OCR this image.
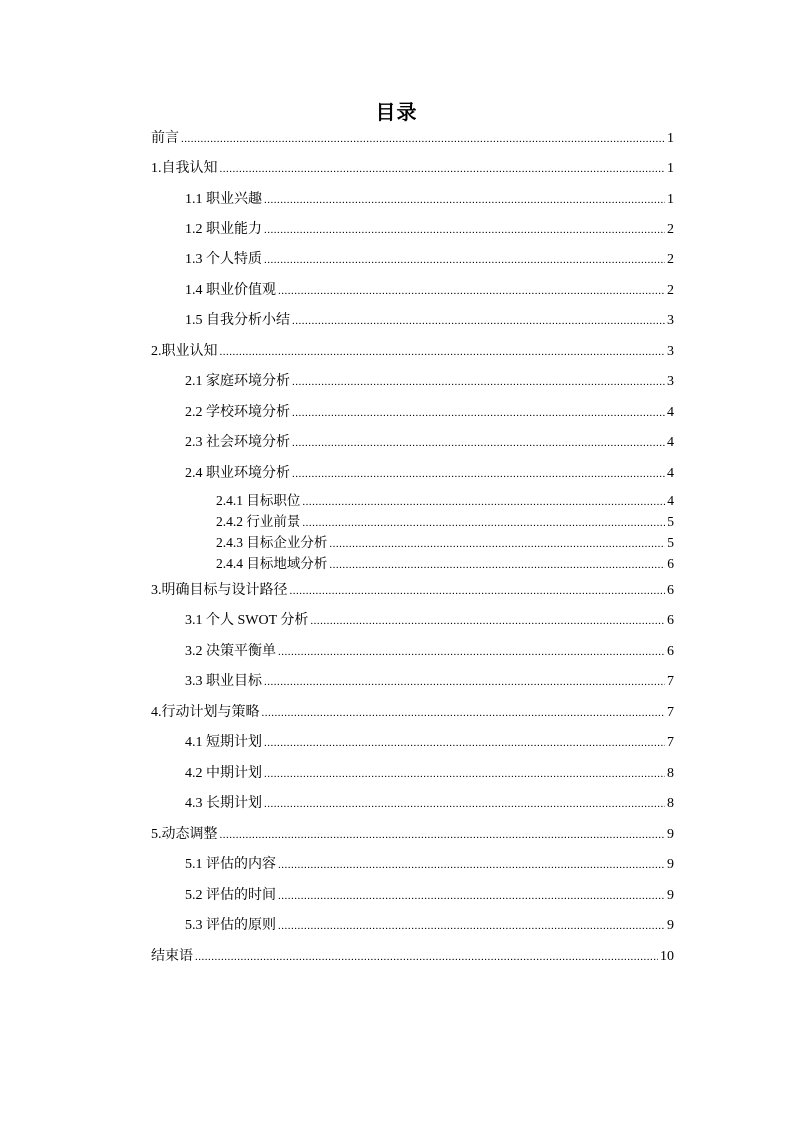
目录
前言 .....	1
1.自我认知 .....	1
1.1 职业兴趣 .....	1
1.2 职业能力 .....	2
1.3 个人特质 .....	2
1.4 职业价值观 .....	2
1.5 自我分析小结 .....	3
2.职业认知 .....	3
2.1 家庭环境分析 .....	3
2.2 学校环境分析 .....	4
2.3 社会环境分析 .....	4
2.4 职业环境分析 .....	4
2.4.1 目标职位 .....	4
2.4.2 行业前景 .....	5
2.4.3 目标企业分析 .....	5
2.4.4 目标地域分析 .....	6
3.明确目标与设计路径 .....	6
3.1 个人 SWOT 分析 .....	6
3.2 决策平衡单 .....	6
3.3 职业目标 .....	7
4.行动计划与策略 .....	7
4.1 短期计划 .....	7
4.2 中期计划 .....	8
4.3 长期计划 .....	8
5.动态调整 .....	9
5.1 评估的内容 .....	9
5.2 评估的时间 .....	9
5.3 评估的原则 .....	9
结束语 .....	10
